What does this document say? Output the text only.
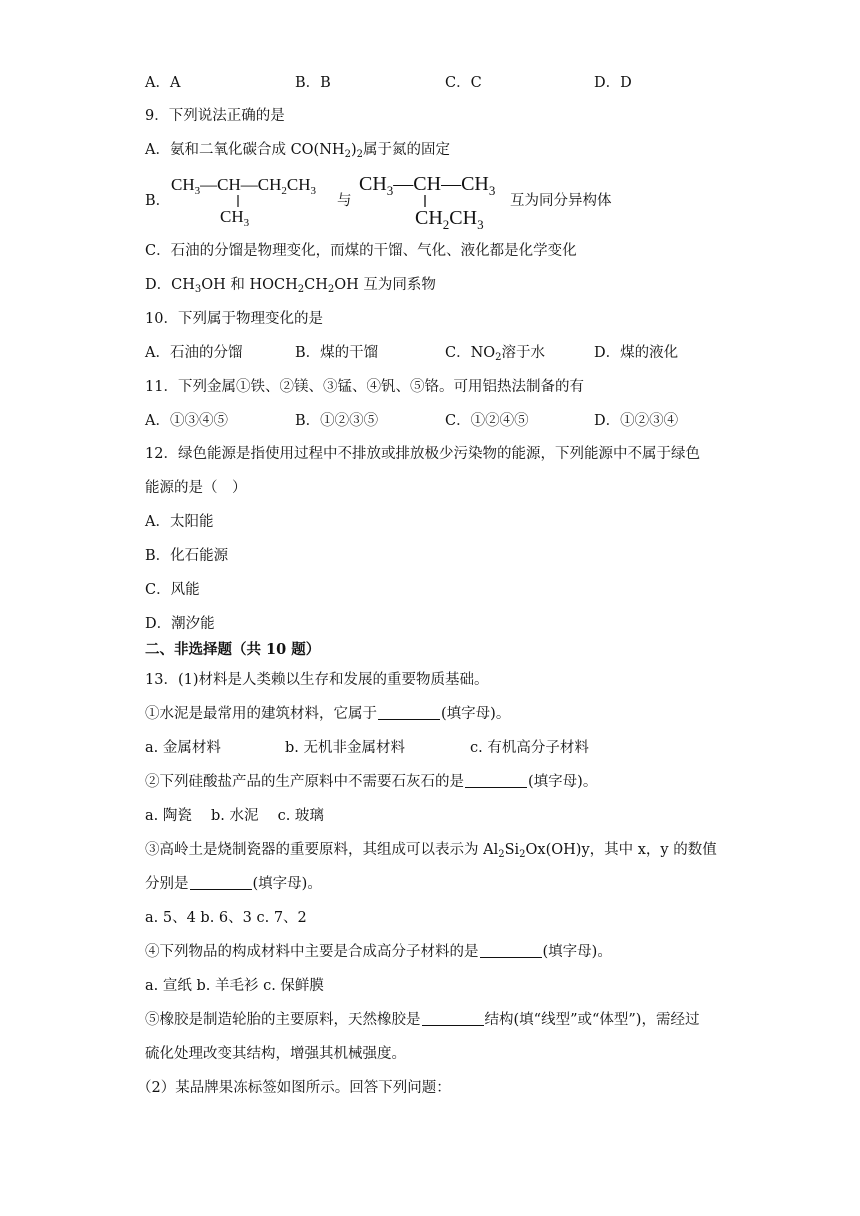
A．A	B．B	C．C	D．D
9．下列说法正确的是
A．氨和二氧化碳合成 $CO(NH_2)_2$属于氮的固定
B．
$CH_3—CH—CH_2CH_3$
$CH_3$
与
$CH_3—CH—CH_3$
$CH_2CH_3$
互为同分异构体
C．石油的分馏是物理变化，而煤的干馏、气化、液化都是化学变化
D．$CH_3OH$ 和 $HOCH_2CH_2OH$ 互为同系物
10．下列属于物理变化的是
A．石油的分馏	B．煤的干馏	C．$NO_2$溶于水	D．煤的液化
11．下列金属①铁、②镁、③锰、④钒、⑤铬。可用铝热法制备的有
A．①③④⑤	B．①②③⑤	C．①②④⑤	D．①②③④
12．绿色能源是指使用过程中不排放或排放极少污染物的能源，下列能源中不属于绿色
能源的是（　）
A．太阳能
B．化石能源
C．风能
D．潮汐能
二、非选择题（共 10 题）
13．(1)材料是人类赖以生存和发展的重要物质基础。
①水泥是最常用的建筑材料，它属于	(填字母)。
a. 金属材料	b. 无机非金属材料	c. 有机高分子材料
②下列硅酸盐产品的生产原料中不需要石灰石的是	(填字母)。
a. 陶瓷　 b. 水泥　 c. 玻璃
③高岭土是烧制瓷器的重要原料，其组成可以表示为 $Al_2Si_2Ox(OH)y$，其中 x，y 的数值
分别是	(填字母)。
a. 5、4 b. 6、3 c. 7、2
④下列物品的构成材料中主要是合成高分子材料的是	(填字母)。
a. 宣纸 b. 羊毛衫 c. 保鲜膜
⑤橡胶是制造轮胎的主要原料，天然橡胶是	结构(填“线型”或“体型”)，需经过
硫化处理改变其结构，增强其机械强度。
（2）某品牌果冻标签如图所示。回答下列问题：
